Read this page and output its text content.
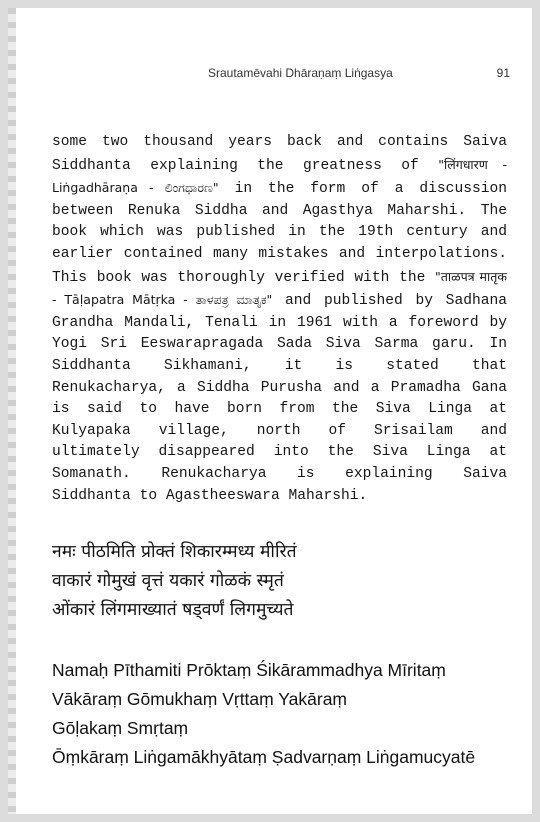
Srautamēvahi Dhāraṇaṃ Liṅgasya	91

some two thousand years back and contains Saiva Siddhanta explaining the greatness of "लिंगधारण - Liṅgadhāraṇa - ಲಿಂಗಧಾರಣ" in the form of a discussion between Renuka Siddha and Agasthya Maharshi. The book which was published in the 19th century and earlier contained many mistakes and interpolations. This book was thoroughly verified with the "ताळपत्र मातृक - Tāḷapatra Mātṛka - ತಾಳಪತ್ರ ಮಾತೃಕ" and published by Sadhana Grandha Mandali, Tenali in 1961 with a foreword by Yogi Sri Eeswarapragada Sada Siva Sarma garu. In Siddhanta Sikhamani, it is stated that Renukacharya, a Siddha Purusha and a Pramadha Gana is said to have born from the Siva Linga at Kulyapaka village, north of Srisailam and ultimately disappeared into the Siva Linga at Somanath. Renukacharya is explaining Saiva Siddhanta to Agastheeswara Maharshi.

नमः पीठमिति प्रोक्तं शिकारम्मध्य मीरितं
वाकारं गोमुखं वृत्तं यकारं गोळकं स्मृतं
ओंकारं लिंगमाख्यातं षड्वर्णं लिगमुच्यते
Namaḥ Pīthamiti Prōktaṃ Śikārammadhya Mīritaṃ
Vākāraṃ Gōmukhaṃ Vṛttaṃ Yakāraṃ
Gōḷakaṃ Smṛtaṃ
Ōṃkāraṃ Liṅgamākhyātaṃ Ṣadvarṇaṃ Liṅgamucyatē
